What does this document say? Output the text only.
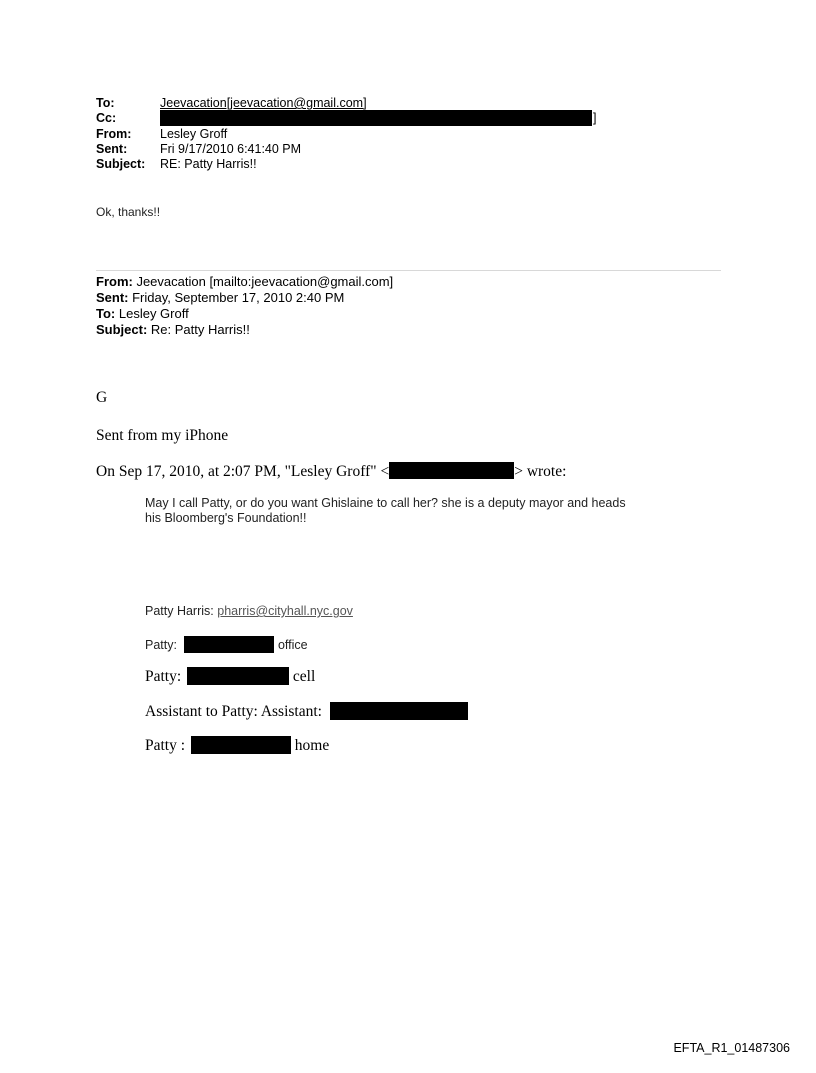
To:	Jeevacation[jeevacation@gmail.com]
Cc:	]
From: Lesley Groff
Sent:	Fri 9/17/2010 6:41:40 PM
Subject: RE: Patty Harris!!
Ok, thanks!!
From: Jeevacation [mailto:jeevacation@gmail.com]
Sent: Friday, September 17, 2010 2:40 PM
To: Lesley Groff
Subject: Re: Patty Harris!!
G
Sent from my iPhone
On Sep 17, 2010, at 2:07 PM, "Lesley Groff" <	> wrote:
May I call Patty, or do you want Ghislaine to call her? she is a deputy mayor and heads
his Bloomberg's Foundation!!
Patty Harris: pharris@cityhall.nyc.gov
Patty:	office
Patty:	cell
Assistant to Patty: Assistant:
Patty :	home
EFTA_R1_01487306
